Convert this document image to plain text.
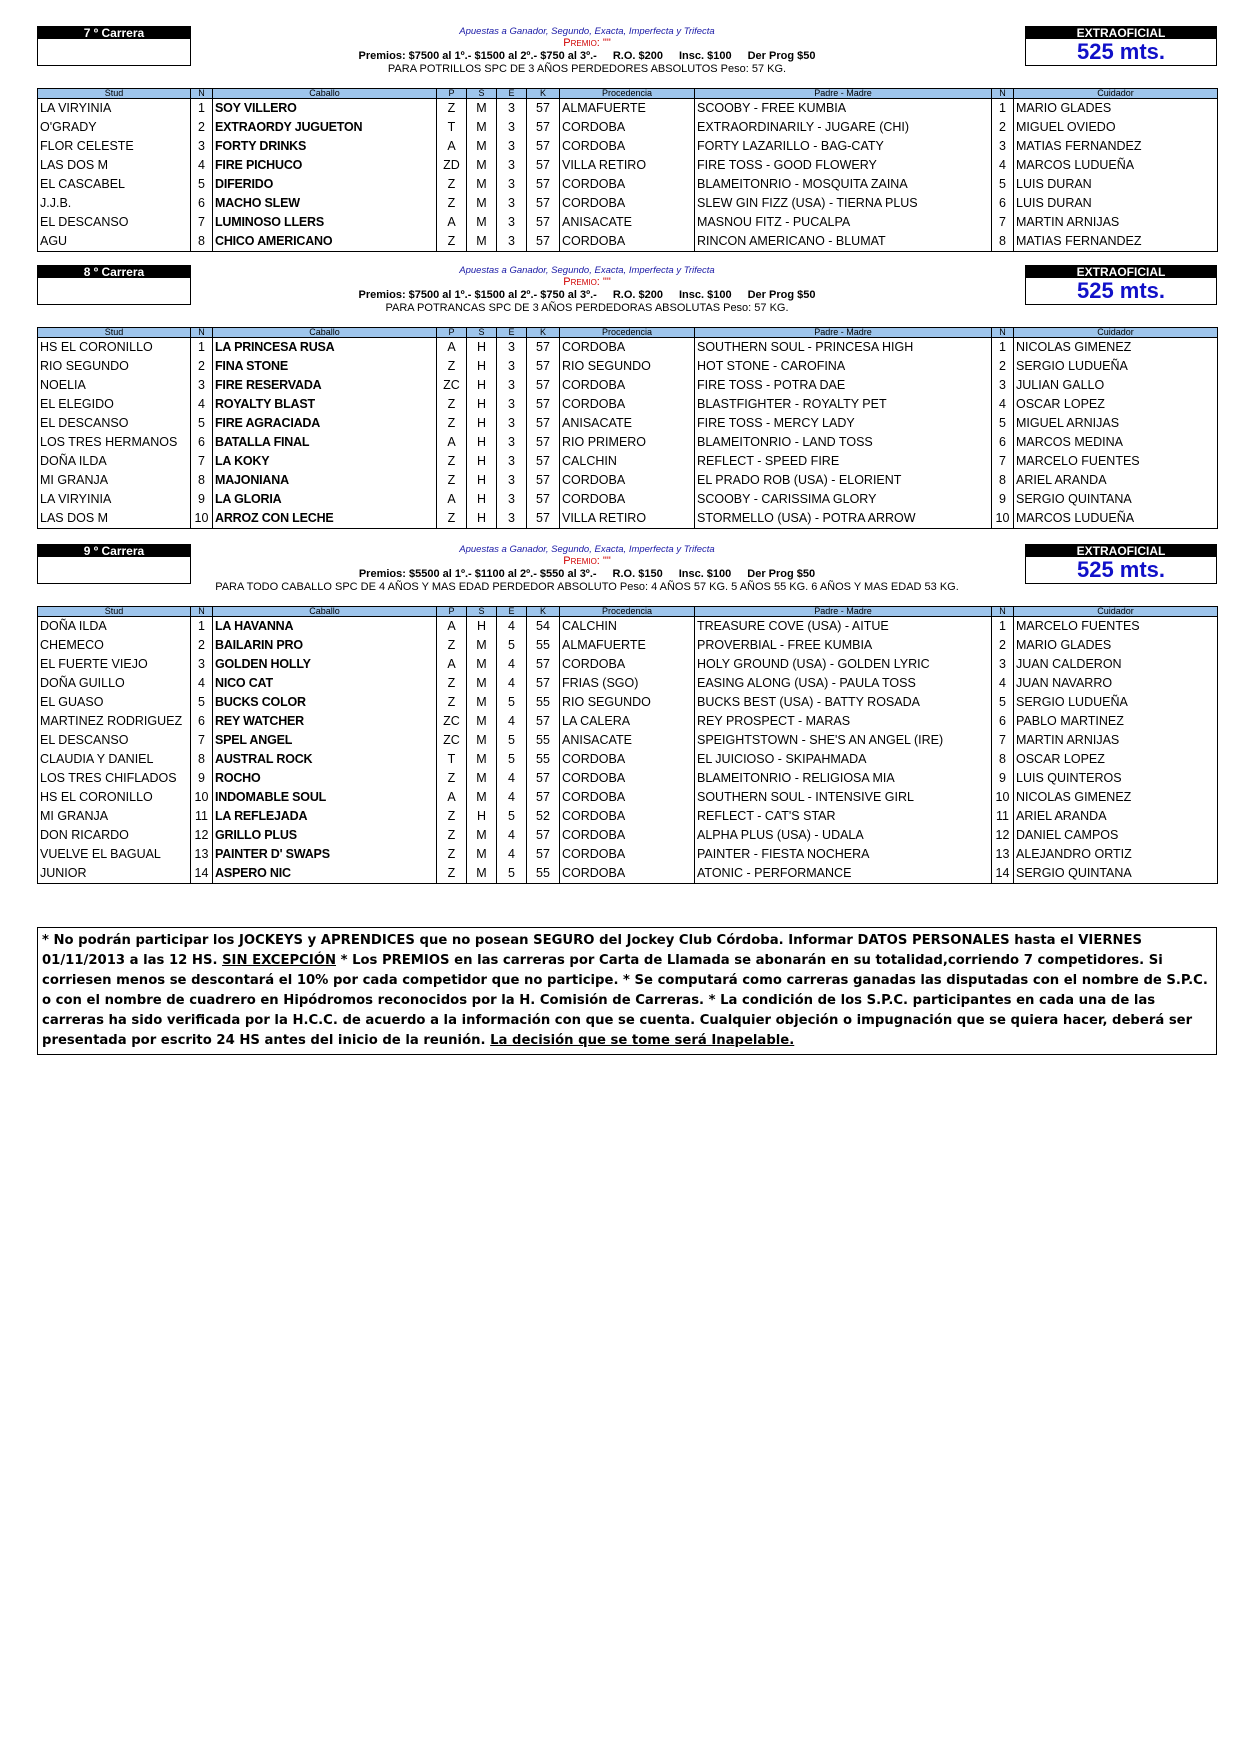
7 º Carrera	Apuestas a Ganador, Segundo, Exacta, Imperfecta y Trifecta
Premio: ""
Premios: $7500 al 1º.- $1500 al 2º.- $750 al 3º.- R.O. $200 Insc. $100 Der Prog $50
PARA POTRILLOS SPC DE 3 AÑOS PERDEDORES ABSOLUTOS Peso: 57 KG.
EXTRAOFICIAL
525 mts.
Stud	N	Caballo	P	S	E	K	Procedencia	Padre - Madre	N	Cuidador
LA VIRYINIA	1	SOY VILLERO	Z	M	3	57	ALMAFUERTE	SCOOBY - FREE KUMBIA	1	MARIO GLADES
O'GRADY	2	EXTRAORDY JUGUETON	T	M	3	57	CORDOBA	EXTRAORDINARILY - JUGARE (CHI)	2	MIGUEL OVIEDO
FLOR CELESTE	3	FORTY DRINKS	A	M	3	57	CORDOBA	FORTY LAZARILLO - BAG-CATY	3	MATIAS FERNANDEZ
LAS DOS M	4	FIRE PICHUCO	ZD	M	3	57	VILLA RETIRO	FIRE TOSS - GOOD FLOWERY	4	MARCOS LUDUEÑA
EL CASCABEL	5	DIFERIDO	Z	M	3	57	CORDOBA	BLAMEITONRIO - MOSQUITA ZAINA	5	LUIS DURAN
J.J.B.	6	MACHO SLEW	Z	M	3	57	CORDOBA	SLEW GIN FIZZ (USA) - TIERNA PLUS	6	LUIS DURAN
EL DESCANSO	7	LUMINOSO LLERS	A	M	3	57	ANISACATE	MASNOU FITZ - PUCALPA	7	MARTIN ARNIJAS
AGU	8	CHICO AMERICANO	Z	M	3	57	CORDOBA	RINCON AMERICANO - BLUMAT	8	MATIAS FERNANDEZ
8 º Carrera	Apuestas a Ganador, Segundo, Exacta, Imperfecta y Trifecta
Premio: ""
Premios: $7500 al 1º.- $1500 al 2º.- $750 al 3º.- R.O. $200 Insc. $100 Der Prog $50
PARA POTRANCAS SPC DE 3 AÑOS PERDEDORAS ABSOLUTAS Peso: 57 KG.
EXTRAOFICIAL
525 mts.
Stud	N	Caballo	P	S	E	K	Procedencia	Padre - Madre	N	Cuidador
HS EL CORONILLO	1	LA PRINCESA RUSA	A	H	3	57	CORDOBA	SOUTHERN SOUL - PRINCESA HIGH	1	NICOLAS GIMENEZ
RIO SEGUNDO	2	FINA STONE	Z	H	3	57	RIO SEGUNDO	HOT STONE - CAROFINA	2	SERGIO LUDUEÑA
NOELIA	3	FIRE RESERVADA	ZC	H	3	57	CORDOBA	FIRE TOSS - POTRA DAE	3	JULIAN GALLO
EL ELEGIDO	4	ROYALTY BLAST	Z	H	3	57	CORDOBA	BLASTFIGHTER - ROYALTY PET	4	OSCAR LOPEZ
EL DESCANSO	5	FIRE AGRACIADA	Z	H	3	57	ANISACATE	FIRE TOSS - MERCY LADY	5	MIGUEL ARNIJAS
LOS TRES HERMANOS	6	BATALLA FINAL	A	H	3	57	RIO PRIMERO	BLAMEITONRIO - LAND TOSS	6	MARCOS MEDINA
DOÑA ILDA	7	LA KOKY	Z	H	3	57	CALCHIN	REFLECT - SPEED FIRE	7	MARCELO FUENTES
MI GRANJA	8	MAJONIANA	Z	H	3	57	CORDOBA	EL PRADO ROB (USA) - ELORIENT	8	ARIEL ARANDA
LA VIRYINIA	9	LA GLORIA	A	H	3	57	CORDOBA	SCOOBY - CARISSIMA GLORY	9	SERGIO QUINTANA
LAS DOS M	10	ARROZ CON LECHE	Z	H	3	57	VILLA RETIRO	STORMELLO (USA) - POTRA ARROW	10	MARCOS LUDUEÑA
9 º Carrera	Apuestas a Ganador, Segundo, Exacta, Imperfecta y Trifecta
Premio: ""
Premios: $5500 al 1º.- $1100 al 2º.- $550 al 3º.- R.O. $150 Insc. $100 Der Prog $50
PARA TODO CABALLO SPC DE 4 AÑOS Y MAS EDAD PERDEDOR ABSOLUTO Peso: 4 AÑOS 57 KG. 5 AÑOS 55 KG. 6 AÑOS Y MAS EDAD 53 KG.
EXTRAOFICIAL
525 mts.
Stud	N	Caballo	P	S	E	K	Procedencia	Padre - Madre	N	Cuidador
DOÑA ILDA	1	LA HAVANNA	A	H	4	54	CALCHIN	TREASURE COVE (USA) - AITUE	1	MARCELO FUENTES
CHEMECO	2	BAILARIN PRO	Z	M	5	55	ALMAFUERTE	PROVERBIAL - FREE KUMBIA	2	MARIO GLADES
EL FUERTE VIEJO	3	GOLDEN HOLLY	A	M	4	57	CORDOBA	HOLY GROUND (USA) - GOLDEN LYRIC	3	JUAN CALDERON
DOÑA GUILLO	4	NICO CAT	Z	M	4	57	FRIAS (SGO)	EASING ALONG (USA) - PAULA TOSS	4	JUAN NAVARRO
EL GUASO	5	BUCKS COLOR	Z	M	5	55	RIO SEGUNDO	BUCKS BEST (USA) - BATTY ROSADA	5	SERGIO LUDUEÑA
MARTINEZ RODRIGUEZ	6	REY WATCHER	ZC	M	4	57	LA CALERA	REY PROSPECT - MARAS	6	PABLO MARTINEZ
EL DESCANSO	7	SPEL ANGEL	ZC	M	5	55	ANISACATE	SPEIGHTSTOWN - SHE'S AN ANGEL (IRE)	7	MARTIN ARNIJAS
CLAUDIA Y DANIEL	8	AUSTRAL ROCK	T	M	5	55	CORDOBA	EL JUICIOSO - SKIPAHMADA	8	OSCAR LOPEZ
LOS TRES CHIFLADOS	9	ROCHO	Z	M	4	57	CORDOBA	BLAMEITONRIO - RELIGIOSA MIA	9	LUIS QUINTEROS
HS EL CORONILLO	10	INDOMABLE SOUL	A	M	4	57	CORDOBA	SOUTHERN SOUL - INTENSIVE GIRL	10	NICOLAS GIMENEZ
MI GRANJA	11	LA REFLEJADA	Z	H	5	52	CORDOBA	REFLECT - CAT'S STAR	11	ARIEL ARANDA
DON RICARDO	12	GRILLO PLUS	Z	M	4	57	CORDOBA	ALPHA PLUS (USA) - UDALA	12	DANIEL CAMPOS
VUELVE EL BAGUAL	13	PAINTER D' SWAPS	Z	M	4	57	CORDOBA	PAINTER - FIESTA NOCHERA	13	ALEJANDRO ORTIZ
JUNIOR	14	ASPERO NIC	Z	M	5	55	CORDOBA	ATONIC - PERFORMANCE	14	SERGIO QUINTANA
* No podrán participar los JOCKEYS y APRENDICES que no posean SEGURO del Jockey Club Córdoba. Informar DATOS PERSONALES hasta el VIERNES 01/11/2013 a las 12 HS. SIN EXCEPCIÓN * Los PREMIOS en las carreras por Carta de Llamada se abonarán en su totalidad,corriendo 7 competidores. Si corriesen menos se descontará el 10% por cada competidor que no participe. * Se computará como carreras ganadas las disputadas con el nombre de S.P.C. o con el nombre de cuadrero en Hipódromos reconocidos por la H. Comisión de Carreras. * La condición de los S.P.C. participantes en cada una de las carreras ha sido verificada por la H.C.C. de acuerdo a la información con que se cuenta. Cualquier objeción o impugnación que se quiera hacer, deberá ser presentada por escrito 24 HS antes del inicio de la reunión. La decisión que se tome será Inapelable.
